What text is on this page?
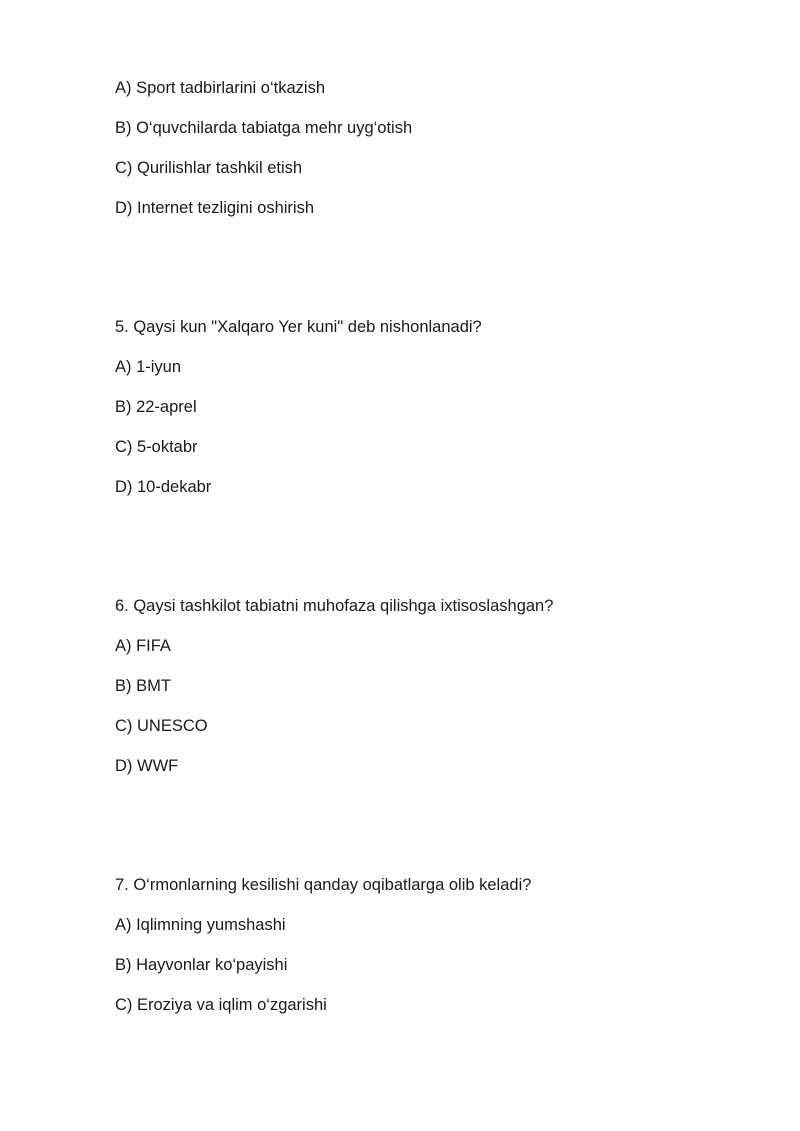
A) Sport tadbirlarini o‘tkazish

B) O‘quvchilarda tabiatga mehr uyg‘otish

C) Qurilishlar tashkil etish

D) Internet tezligini oshirish

5. Qaysi kun "Xalqaro Yer kuni" deb nishonlanadi?

A) 1-iyun

B) 22-aprel

C) 5-oktabr

D) 10-dekabr

6. Qaysi tashkilot tabiatni muhofaza qilishga ixtisoslashgan?

A) FIFA

B) BMT

C) UNESCO

D) WWF

7. O‘rmonlarning kesilishi qanday oqibatlarga olib keladi?

A) Iqlimning yumshashi

B) Hayvonlar ko‘payishi

C) Eroziya va iqlim o‘zgarishi
